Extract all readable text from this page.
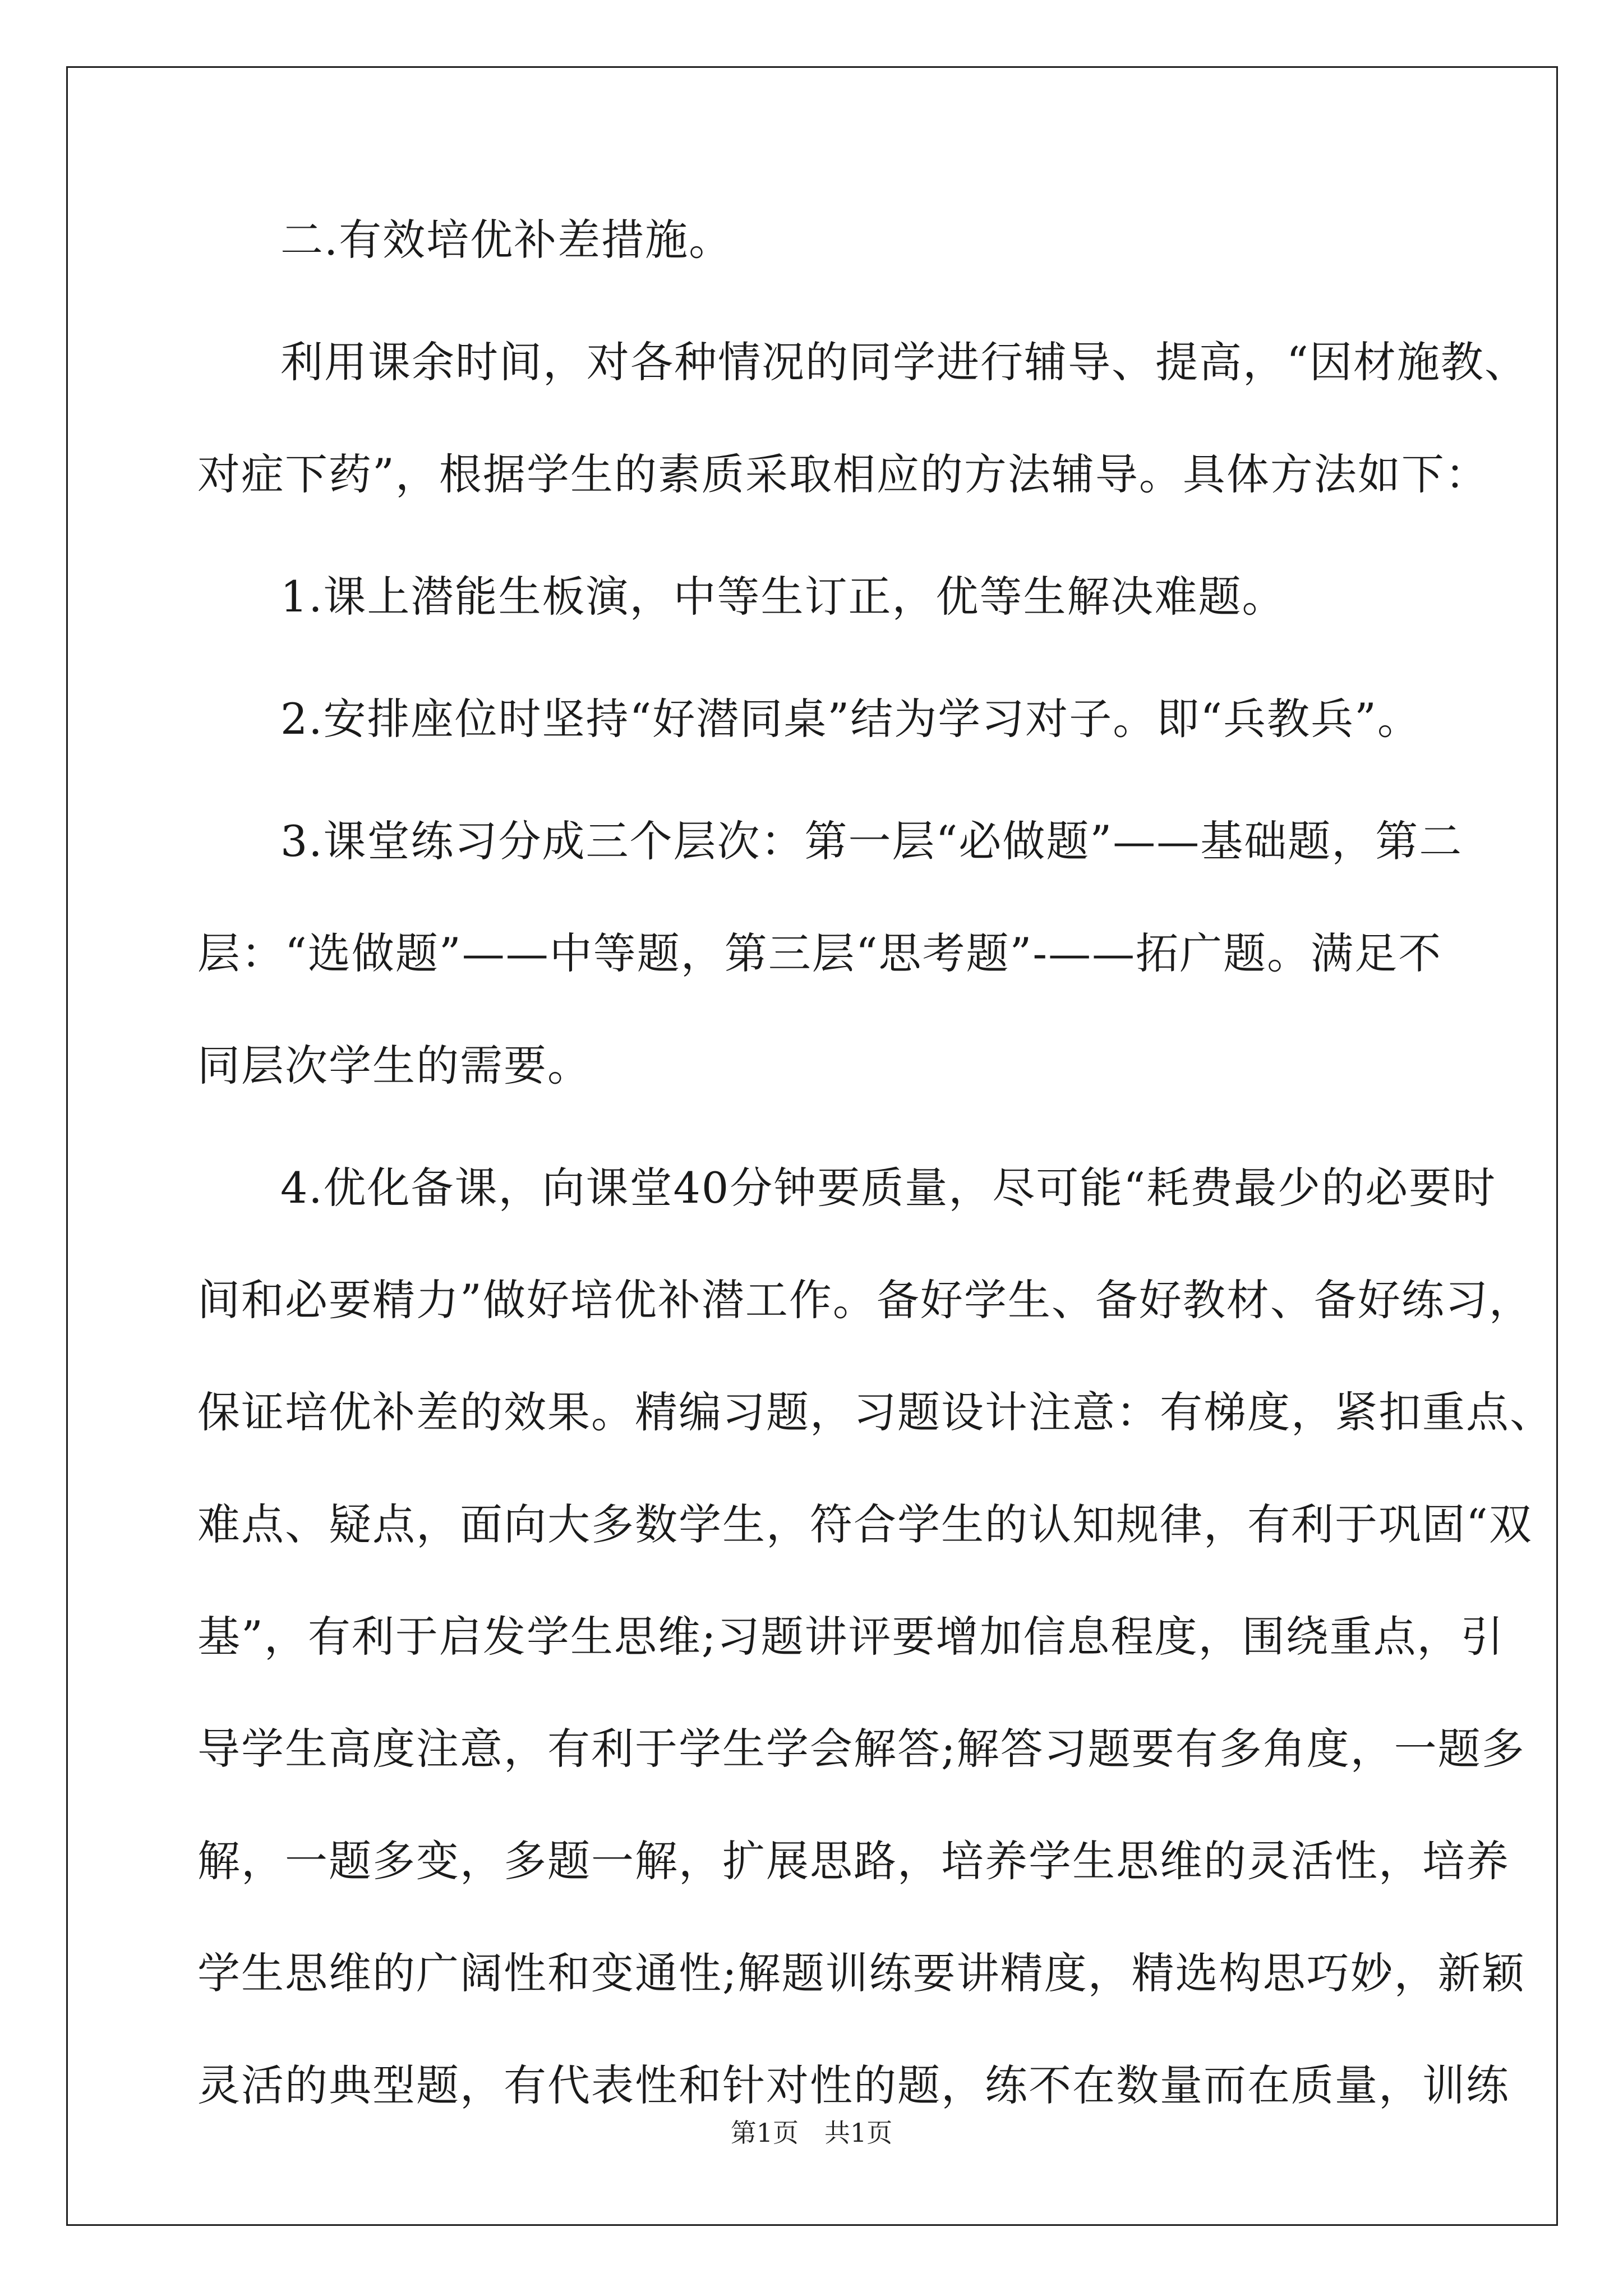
二.有效培优补差措施。
利用课余时间，对各种情况的同学进行辅导、提高，“因材施教、
对症下药”，根据学生的素质采取相应的方法辅导。具体方法如下：
1.课上潜能生板演，中等生订正，优等生解决难题。
2.安排座位时坚持“好潜同桌”结为学习对子。即“兵教兵”。
3.课堂练习分成三个层次：第一层“必做题”——基础题，第二
层：“选做题”——中等题，第三层“思考题”-——拓广题。满足不
同层次学生的需要。
4.优化备课，向课堂40分钟要质量，尽可能“耗费最少的必要时
间和必要精力”做好培优补潜工作。备好学生、备好教材、备好练习，
保证培优补差的效果。精编习题，习题设计注意：有梯度，紧扣重点、
难点、疑点，面向大多数学生，符合学生的认知规律，有利于巩固“双
基”，有利于启发学生思维;习题讲评要增加信息程度，围绕重点，引
导学生高度注意，有利于学生学会解答;解答习题要有多角度，一题多
解，一题多变，多题一解，扩展思路，培养学生思维的灵活性，培养
学生思维的广阔性和变通性;解题训练要讲精度，精选构思巧妙，新颖
灵活的典型题，有代表性和针对性的题，练不在数量而在质量，训练
第1页　共1页
